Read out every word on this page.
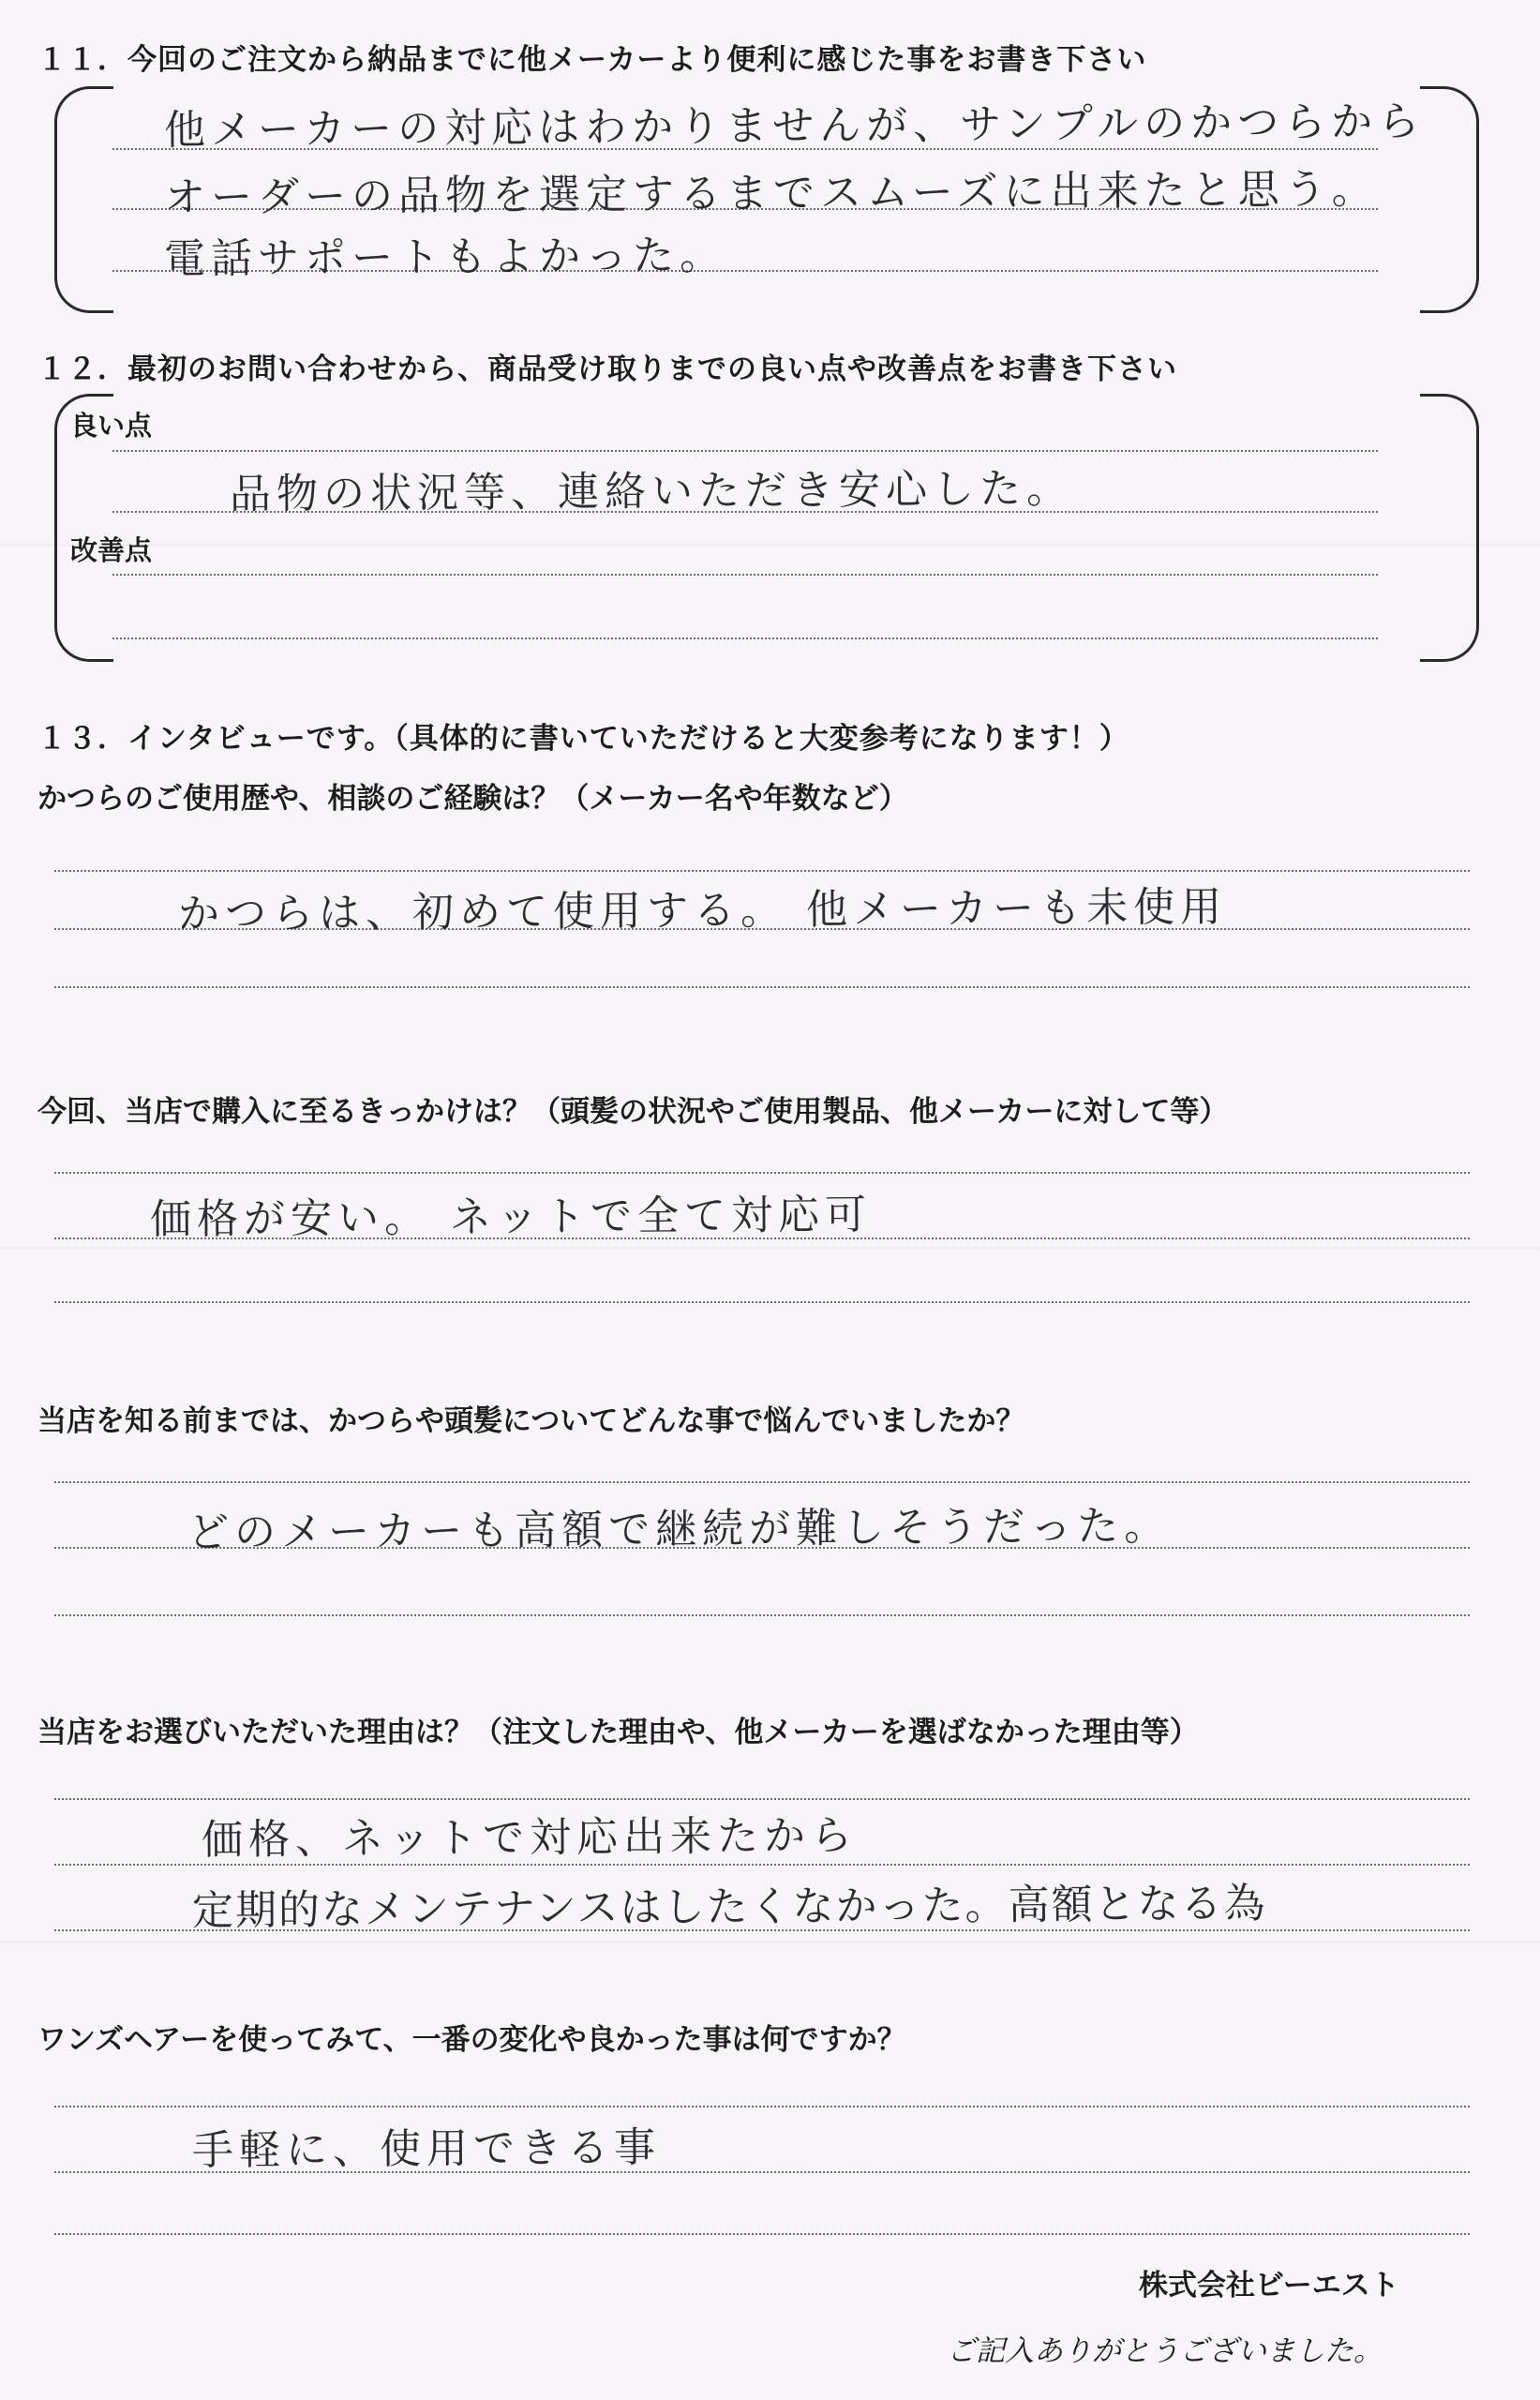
１１．今回のご注文から納品までに他メーカーより便利に感じた事をお書き下さい
他メーカーの対応はわかりませんが、サンプルのかつらから
オーダーの品物を選定するまでスムーズに出来たと思う。
電話サポートもよかった。
１２．最初のお問い合わせから、商品受け取りまでの良い点や改善点をお書き下さい
良い点
品物の状況等、連絡いただき安心した。
改善点
１３．インタビューです。（具体的に書いていただけると大変参考になります！）
かつらのご使用歴や、相談のご経験は？（メーカー名や年数など）
かつらは、初めて使用する。 他メーカーも未使用
今回、当店で購入に至るきっかけは？（頭髪の状況やご使用製品、他メーカーに対して等）
価格が安い。 ネットで全て対応可
当店を知る前までは、かつらや頭髪についてどんな事で悩んでいましたか？
どのメーカーも高額で継続が難しそうだった。
当店をお選びいただいた理由は？（注文した理由や、他メーカーを選ばなかった理由等）
価格、ネットで対応出来たから
定期的なメンテナンスはしたくなかった。高額となる為
ワンズヘアーを使ってみて、一番の変化や良かった事は何ですか？
手軽に、使用できる事
株式会社ビーエスト
ご記入ありがとうございました。
